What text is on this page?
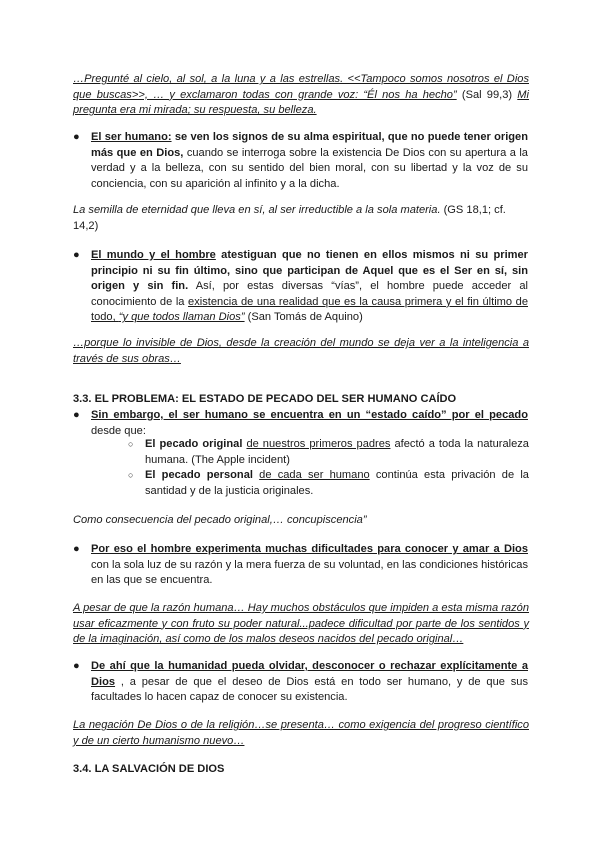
…Pregunté al cielo, al sol, a la luna y a las estrellas. <<Tampoco somos nosotros el Dios que buscas>>, … y exclamaron todas con grande voz: “Él nos ha hecho” (Sal 99,3) Mi pregunta era mi mirada; su respuesta, su belleza.

● El ser humano: se ven los signos de su alma espiritual, que no puede tener origen más que en Dios, cuando se interroga sobre la existencia De Dios con su apertura a la verdad y a la belleza, con su sentido del bien moral, con su libertad y la voz de su conciencia, con su aparición al infinito y a la dicha.

La semilla de eternidad que lleva en sí, al ser irreductible a la sola materia. (GS 18,1; cf. 14,2)

● El mundo y el hombre atestiguan que no tienen en ellos mismos ni su primer principio ni su fin último, sino que participan de Aquel que es el Ser en sí, sin origen y sin fin. Así, por estas diversas “vías”, el hombre puede acceder al conocimiento de la existencia de una realidad que es la causa primera y el fin último de todo, “y que todos llaman Dios” (San Tomás de Aquino)

…porque lo invisible de Dios, desde la creación del mundo se deja ver a la inteligencia a través de sus obras…

3.3. EL PROBLEMA: EL ESTADO DE PECADO DEL SER HUMANO CAÍDO

● Sin embargo, el ser humano se encuentra en un “estado caído” por el pecado desde que:

○ El pecado original de nuestros primeros padres afectó a toda la naturaleza humana. (The Apple incident)

○ El pecado personal de cada ser humano continúa esta privación de la santidad y de la justicia originales.

Como consecuencia del pecado original,… concupiscencia”

● Por eso el hombre experimenta muchas dificultades para conocer y amar a Dios con la sola luz de su razón y la mera fuerza de su voluntad, en las condiciones históricas en las que se encuentra.

A pesar de que la razón humana… Hay muchos obstáculos que impiden a esta misma razón usar eficazmente y con fruto su poder natural...padece dificultad por parte de los sentidos y de la imaginación, así como de los malos deseos nacidos del pecado original…

● De ahí que la humanidad pueda olvidar, desconocer o rechazar explícitamente a Dios , a pesar de que el deseo de Dios está en todo ser humano, y de que sus facultades lo hacen capaz de conocer su existencia.

La negación De Dios o de la religión…se presenta… como exigencia del progreso científico y de un cierto humanismo nuevo…

3.4. LA SALVACIÓN DE DIOS
